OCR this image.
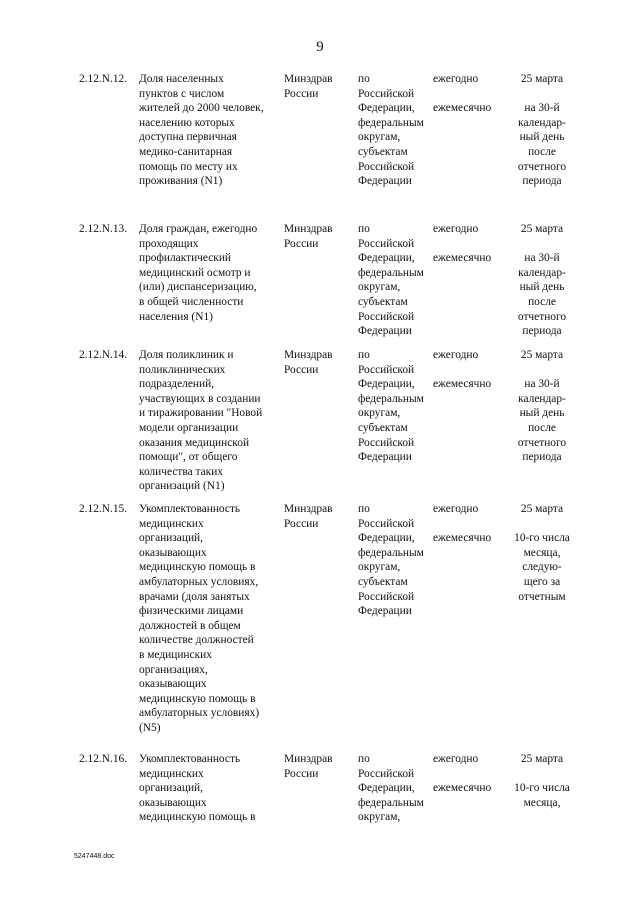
9
2.12.N.12. Доля населенных
пунктов с числом
жителей до 2000 человек,
населению которых
доступна первичная
медико-санитарная
помощь по месту их
проживания (N1)
Минздрав
России
по
Российской
Федерации,
федеральным
округам,
субъектам
Российской
Федерации
ежегодно
ежемесячно
25 марта
на 30-й
календар-
ный день
после
отчетного
периода
2.12.N.13. Доля граждан, ежегодно
проходящих
профилактический
медицинский осмотр и
(или) диспансеризацию,
в общей численности
населения (N1)
Минздрав
России
по
Российской
Федерации,
федеральным
округам,
субъектам
Российской
Федерации
ежегодно
ежемесячно
25 марта
на 30-й
календар-
ный день
после
отчетного
периода
2.12.N.14. Доля поликлиник и
поликлинических
подразделений,
участвующих в создании
и тиражировании "Новой
модели организации
оказания медицинской
помощи", от общего
количества таких
организаций (N1)
Минздрав
России
по
Российской
Федерации,
федеральным
округам,
субъектам
Российской
Федерации
ежегодно
ежемесячно
25 марта
на 30-й
календар-
ный день
после
отчетного
периода
2.12.N.15. Укомплектованность
медицинских
организаций,
оказывающих
медицинскую помощь в
амбулаторных условиях,
врачами (доля занятых
физическими лицами
должностей в общем
количестве должностей
в медицинских
организациях,
оказывающих
медицинскую помощь в
амбулаторных условиях)
(N5)
Минздрав
России
по
Российской
Федерации,
федеральным
округам,
субъектам
Российской
Федерации
ежегодно
ежемесячно
25 марта
10-го числа
месяца,
следую-
щего за
отчетным
2.12.N.16. Укомплектованность
медицинских
организаций,
оказывающих
медицинскую помощь в
Минздрав
России
по
Российской
Федерации,
федеральным
округам,
ежегодно
ежемесячно
25 марта
10-го числа
месяца,
5247448.doc
